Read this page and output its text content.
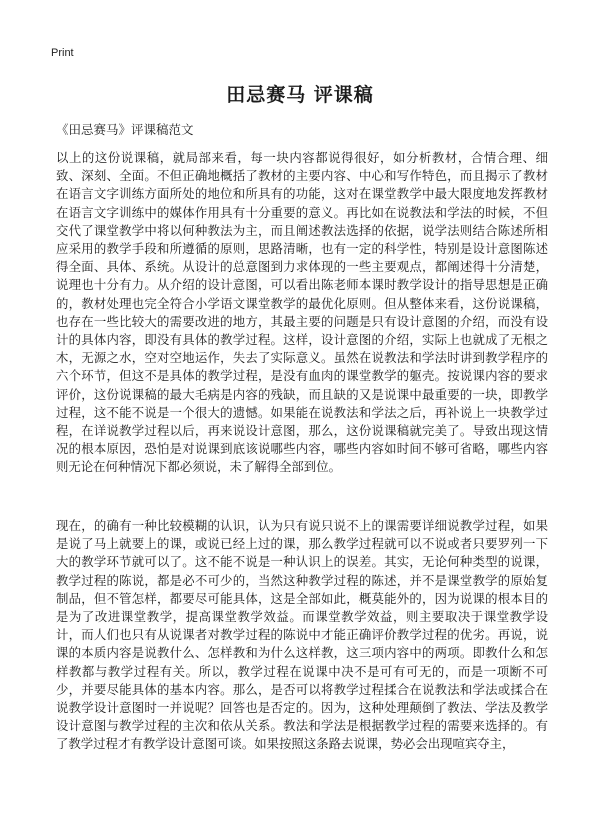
Print
田忌赛马 评课稿
《田忌赛马》评课稿范文

以上的这份说课稿，就局部来看，每一块内容都说得很好，如分析教材，合情合理、细致、深刻、全面。不但正确地概括了教材的主要内容、中心和写作特色，而且揭示了教材在语言文字训练方面所处的地位和所具有的功能，这对在课堂教学中最大限度地发挥教材在语言文字训练中的媒体作用具有十分重要的意义。再比如在说教法和学法的时候，不但交代了课堂教学中将以何种教法为主，而且阐述教法选择的依据，说学法则结合陈述所相应采用的教学手段和所遵循的原则，思路清晰，也有一定的科学性，特别是设计意图陈述得全面、具体、系统。从设计的总意图到力求体现的一些主要观点，都阐述得十分清楚，说理也十分有力。从介绍的设计意图，可以看出陈老师本课时教学设计的指导思想是正确的，教材处理也完全符合小学语文课堂教学的最优化原则。但从整体来看，这份说课稿，也存在一些比较大的需要改进的地方，其最主要的问题是只有设计意图的介绍，而没有设计的具体内容，即没有具体的教学过程。这样，设计意图的介绍，实际上也就成了无根之木，无源之水，空对空地运作，失去了实际意义。虽然在说教法和学法时讲到教学程序的六个环节，但这不是具体的教学过程，是没有血肉的课堂教学的躯壳。按说课内容的要求评价，这份说课稿的最大毛病是内容的残缺，而且缺的又是说课中最重要的一块，即教学过程，这不能不说是一个很大的遗憾。如果能在说教法和学法之后，再补说上一块教学过程，在详说教学过程以后，再来说设计意图，那么，这份说课稿就完美了。导致出现这情况的根本原因，恐怕是对说课到底该说哪些内容，哪些内容如时间不够可省略，哪些内容则无论在何种情况下都必须说，未了解得全部到位。

现在，的确有一种比较模糊的认识，认为只有说只说不上的课需要详细说教学过程，如果是说了马上就要上的课，或说已经上过的课，那么教学过程就可以不说或者只要罗列一下大的教学环节就可以了。这不能不说是一种认识上的误差。其实，无论何种类型的说课，教学过程的陈说，都是必不可少的，当然这种教学过程的陈述，并不是课堂教学的原始复制品，但不管怎样，都要尽可能具体，这是全部如此，概莫能外的，因为说课的根本目的是为了改进课堂教学，提高课堂教学效益。而课堂教学效益，则主要取决于课堂教学设计，而人们也只有从说课者对教学过程的陈说中才能正确评价教学过程的优劣。再说，说课的本质内容是说教什么、怎样教和为什么这样教，这三项内容中的两项。即教什么和怎样教都与教学过程有关。所以，教学过程在说课中决不是可有可无的，而是一项断不可少，并要尽能具体的基本内容。那么，是否可以将教学过程揉合在说教法和学法或揉合在说教学设计意图时一并说呢？回答也是否定的。因为，这种处理颠倒了教法、学法及教学设计意图与教学过程的主次和依从关系。教法和学法是根据教学过程的需要来选择的。有了教学过程才有教学设计意图可谈。如果按照这条路去说课，势必会出现喧宾夺主，
